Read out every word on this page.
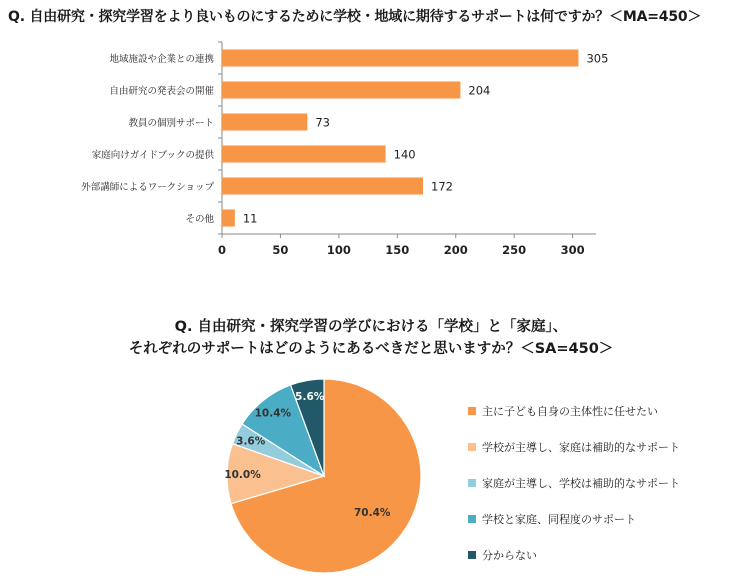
Q. 自由研究・探究学習をより良いものにするために学校・地域に期待するサポートは何ですか？＜MA=450＞
地域施設や企業との連携	305
自由研究の発表会の開催	204
教員の個別サポート	73
家庭向けガイドブックの提供	140
外部講師によるワークショップ	172
その他	11
0	50	100	150	200	250	300
Q. 自由研究・探究学習の学びにおける「学校」と「家庭」、
それぞれのサポートはどのようにあるべきだと思いますか？＜SA=450＞
70.4%
10.0%
3.6%
10.4%
5.6%
主に子ども自身の主体性に任せたい
学校が主導し、家庭は補助的なサポート
家庭が主導し、学校は補助的なサポート
学校と家庭、同程度のサポート
分からない
